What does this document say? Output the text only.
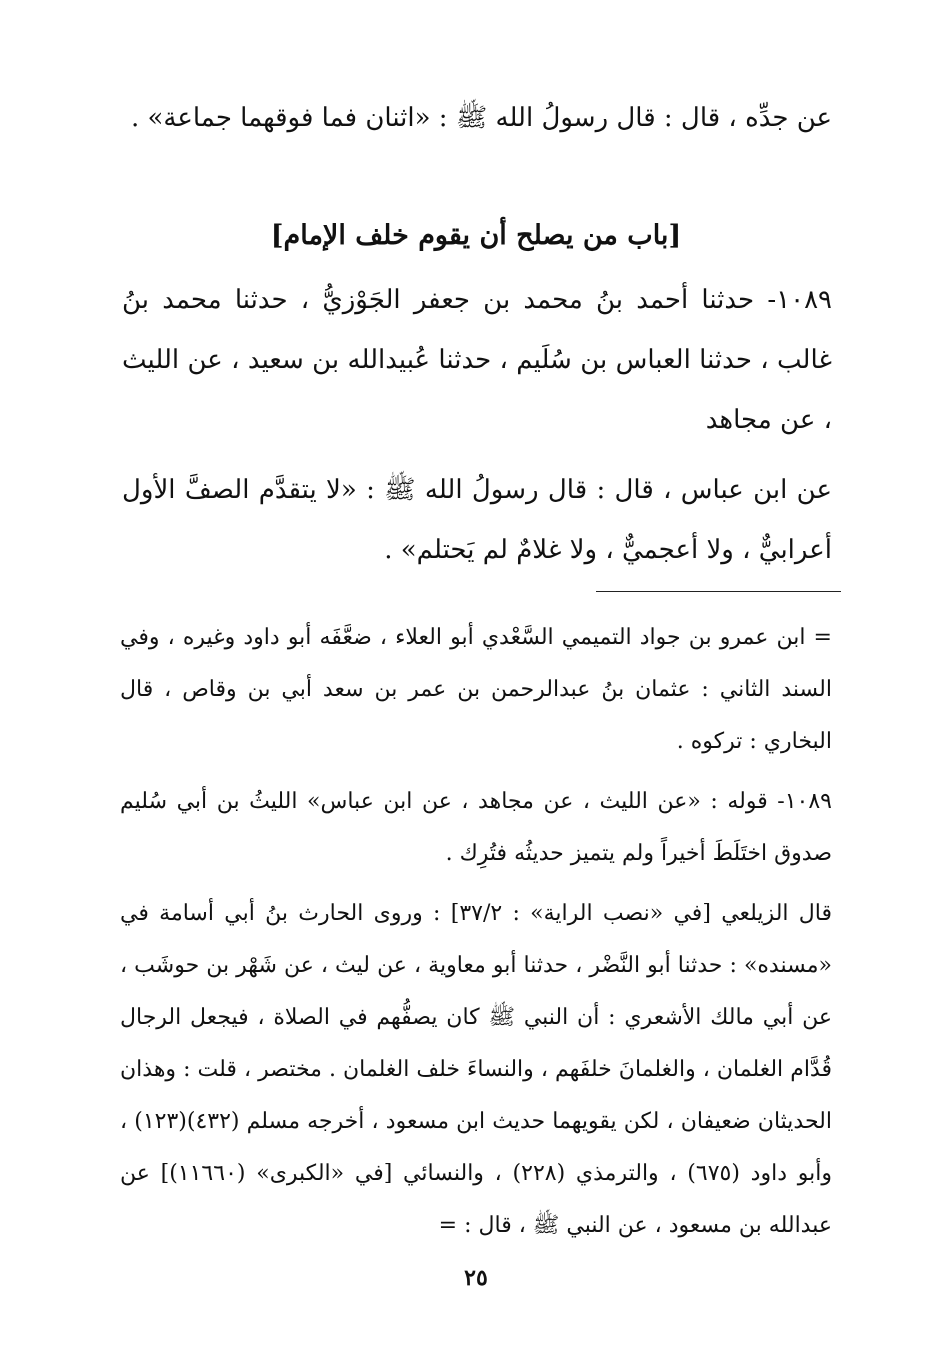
عن جدِّه ، قال : قال رسولُ الله ﷺ : «اثنان فما فوقهما جماعة» .

[باب من يصلح أن يقوم خلف الإمام]

١٠٨٩- حدثنا أحمد بنُ محمد بن جعفر الجَوْزيُّ ، حدثنا محمد بنُ غالب ، حدثنا العباس بن سُلَيم ، حدثنا عُبيدالله بن سعيد ، عن الليث ، عن مجاهد

عن ابن عباس ، قال : قال رسولُ الله ﷺ : «لا يتقدَّم الصفَّ الأول أعرابيٌّ ، ولا أعجميٌّ ، ولا غلامٌ لم يَحتلم» .

= ابن عمرو بن جواد التميمي السَّعْدي أبو العلاء ، ضعَّفَه أبو داود وغيره ، وفي السند الثاني : عثمان بنُ عبدالرحمن بن عمر بن سعد أبي بن وقاص ، قال البخاري : تركوه .

١٠٨٩- قوله : «عن الليث ، عن مجاهد ، عن ابن عباس» الليثُ بن أبي سُليم صدوق اختَلَطَ أخيراً ولم يتميز حديثُه فتُرِك .

قال الزيلعي [في «نصب الراية» : ٣٧/٢] : وروى الحارث بنُ أبي أسامة في «مسنده» : حدثنا أبو النَّضْر ، حدثنا أبو معاوية ، عن ليث ، عن شَهْر بن حوشَب ، عن أبي مالك الأشعري : أن النبي ﷺ كان يصفُّهم في الصلاة ، فيجعل الرجال قُدَّام الغلمان ، والغلمانَ خلفَهم ، والنساءَ خلف الغلمان . مختصر ، قلت : وهذان الحديثان ضعيفان ، لكن يقويهما حديث ابن مسعود ، أخرجه مسلم (٤٣٢)(١٢٣) ، وأبو داود (٦٧٥) ، والترمذي (٢٢٨) ، والنسائي [في «الكبرى» (١١٦٦٠)] عن عبدالله بن مسعود ، عن النبي ﷺ ، قال : =

٢٥
